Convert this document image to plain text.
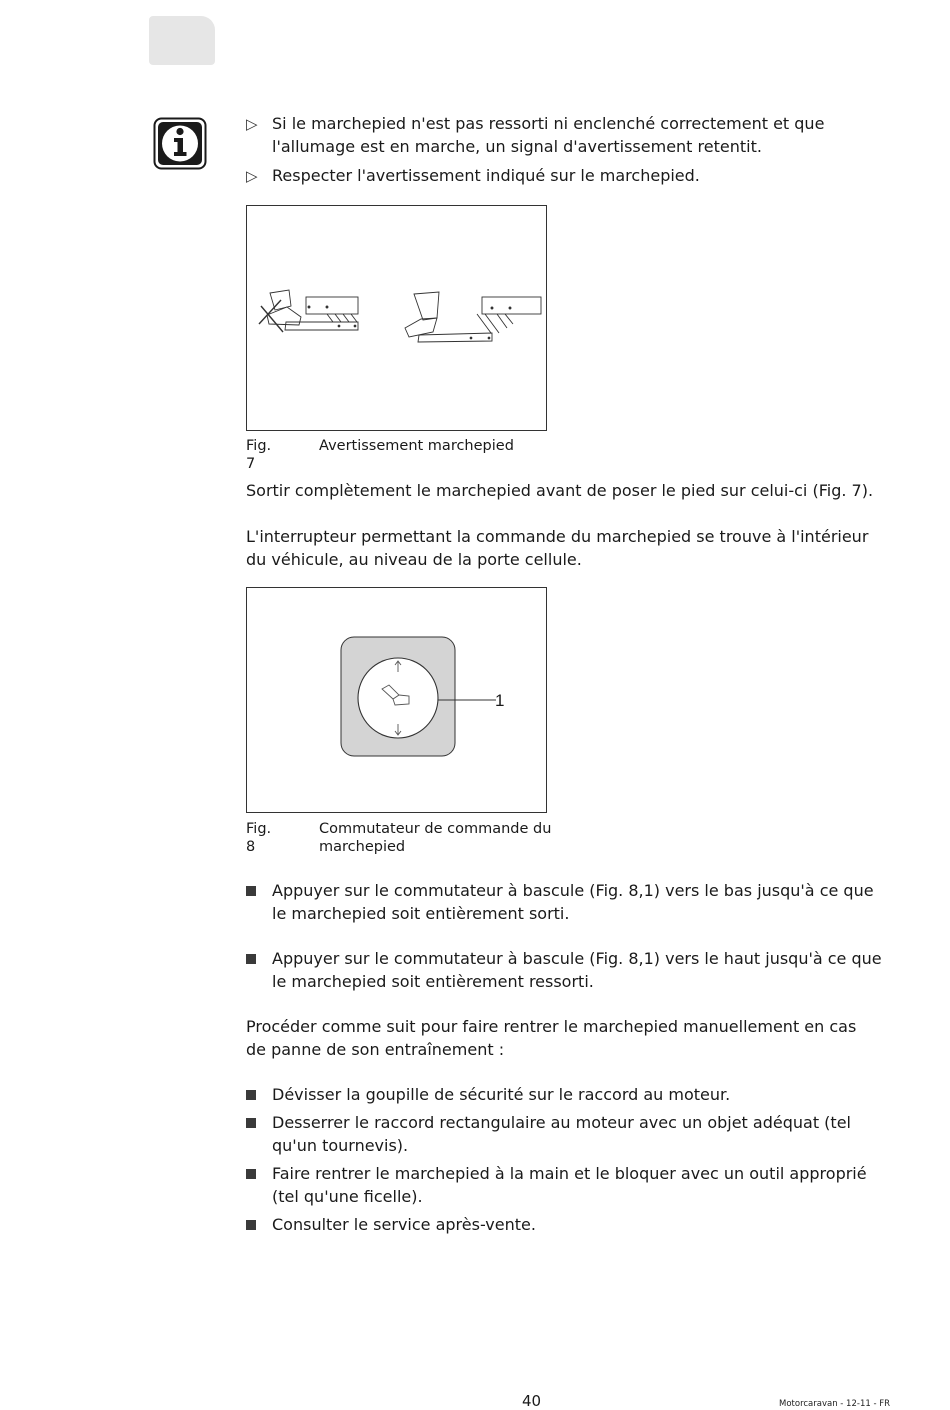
▷ Si le marchepied n'est pas ressorti ni enclenché correctement et que l'allumage est en marche, un signal d'avertissement retentit.
▷ Respecter l'avertissement indiqué sur le marchepied.
Fig. 7
Avertissement marchepied

Sortir complètement le marchepied avant de poser le pied sur celui-ci (Fig. 7).

L'interrupteur permettant la commande du marchepied se trouve à l'intérieur du véhicule, au niveau de la porte cellule.

1
Fig. 8
Commutateur de commande du marchepied
Appuyer sur le commutateur à bascule (Fig. 8,1) vers le bas jusqu'à ce que le marchepied soit entièrement sorti.
Appuyer sur le commutateur à bascule (Fig. 8,1) vers le haut jusqu'à ce que le marchepied soit entièrement ressorti.

Procéder comme suit pour faire rentrer le marchepied manuellement en cas de panne de son entraînement :

Dévisser la goupille de sécurité sur le raccord au moteur.
Desserrer le raccord rectangulaire au moteur avec un objet adéquat (tel qu'un tournevis).
Faire rentrer le marchepied à la main et le bloquer avec un outil approprié (tel qu'une ficelle).
Consulter le service après-vente.
40	Motorcaravan - 12-11 - FR
